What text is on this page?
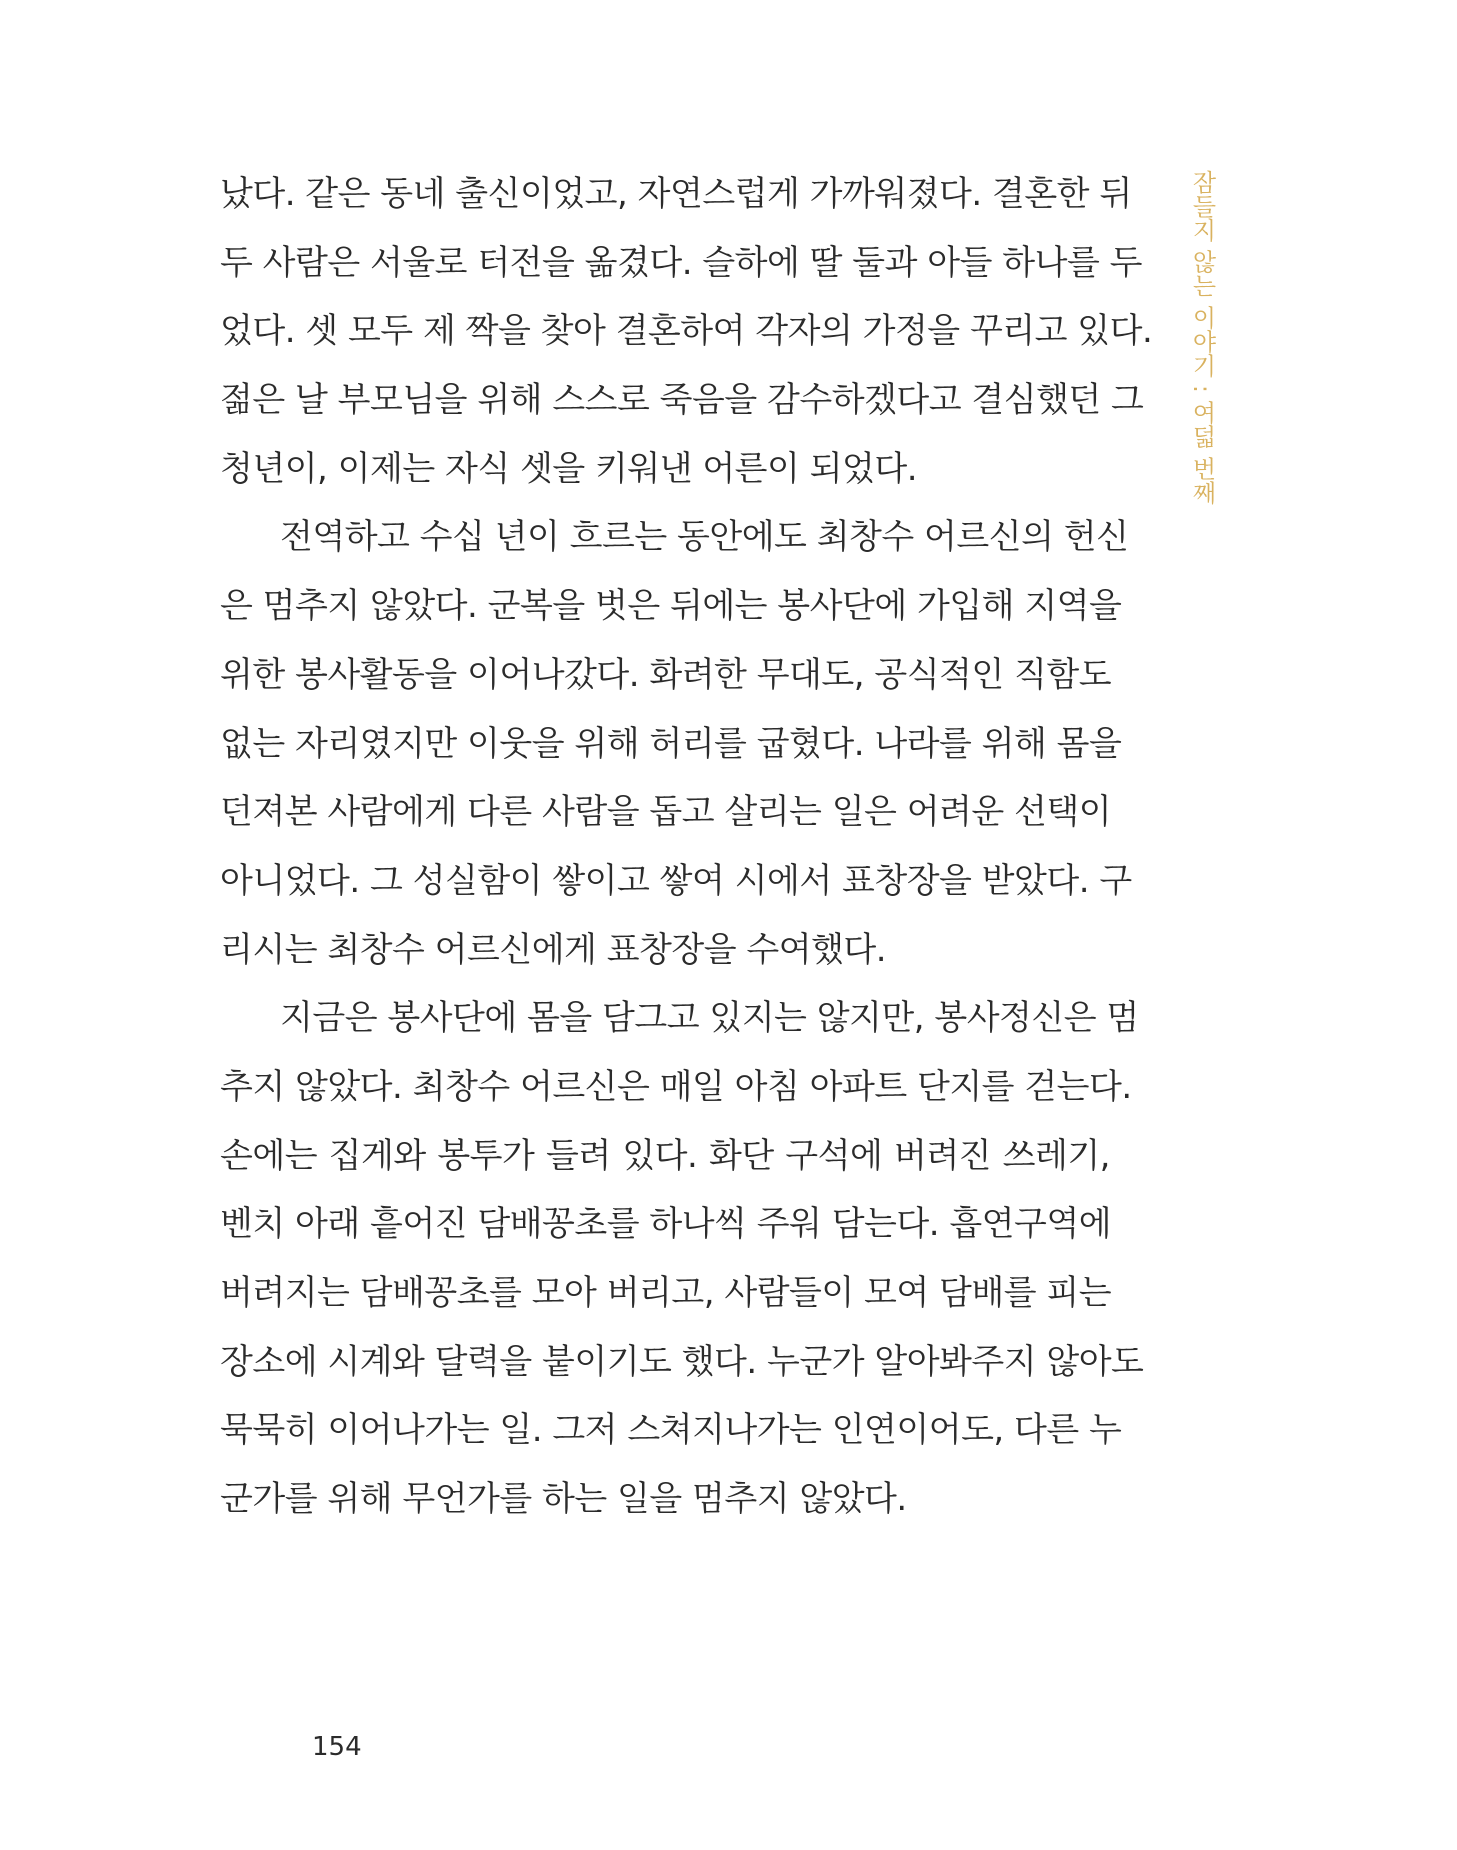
잠들지 않는 이야기 : 여덟 번째
났다. 같은 동네 출신이었고, 자연스럽게 가까워졌다. 결혼한 뒤
두 사람은 서울로 터전을 옮겼다. 슬하에 딸 둘과 아들 하나를 두
었다. 셋 모두 제 짝을 찾아 결혼하여 각자의 가정을 꾸리고 있다.
젊은 날 부모님을 위해 스스로 죽음을 감수하겠다고 결심했던 그
청년이, 이제는 자식 셋을 키워낸 어른이 되었다.
전역하고 수십 년이 흐르는 동안에도 최창수 어르신의 헌신
은 멈추지 않았다. 군복을 벗은 뒤에는 봉사단에 가입해 지역을
위한 봉사활동을 이어나갔다. 화려한 무대도, 공식적인 직함도
없는 자리였지만 이웃을 위해 허리를 굽혔다. 나라를 위해 몸을
던져본 사람에게 다른 사람을 돕고 살리는 일은 어려운 선택이
아니었다. 그 성실함이 쌓이고 쌓여 시에서 표창장을 받았다. 구
리시는 최창수 어르신에게 표창장을 수여했다.
지금은 봉사단에 몸을 담그고 있지는 않지만, 봉사정신은 멈
추지 않았다. 최창수 어르신은 매일 아침 아파트 단지를 걷는다.
손에는 집게와 봉투가 들려 있다. 화단 구석에 버려진 쓰레기,
벤치 아래 흩어진 담배꽁초를 하나씩 주워 담는다. 흡연구역에
버려지는 담배꽁초를 모아 버리고, 사람들이 모여 담배를 피는
장소에 시계와 달력을 붙이기도 했다. 누군가 알아봐주지 않아도
묵묵히 이어나가는 일. 그저 스쳐지나가는 인연이어도, 다른 누
군가를 위해 무언가를 하는 일을 멈추지 않았다.
154
